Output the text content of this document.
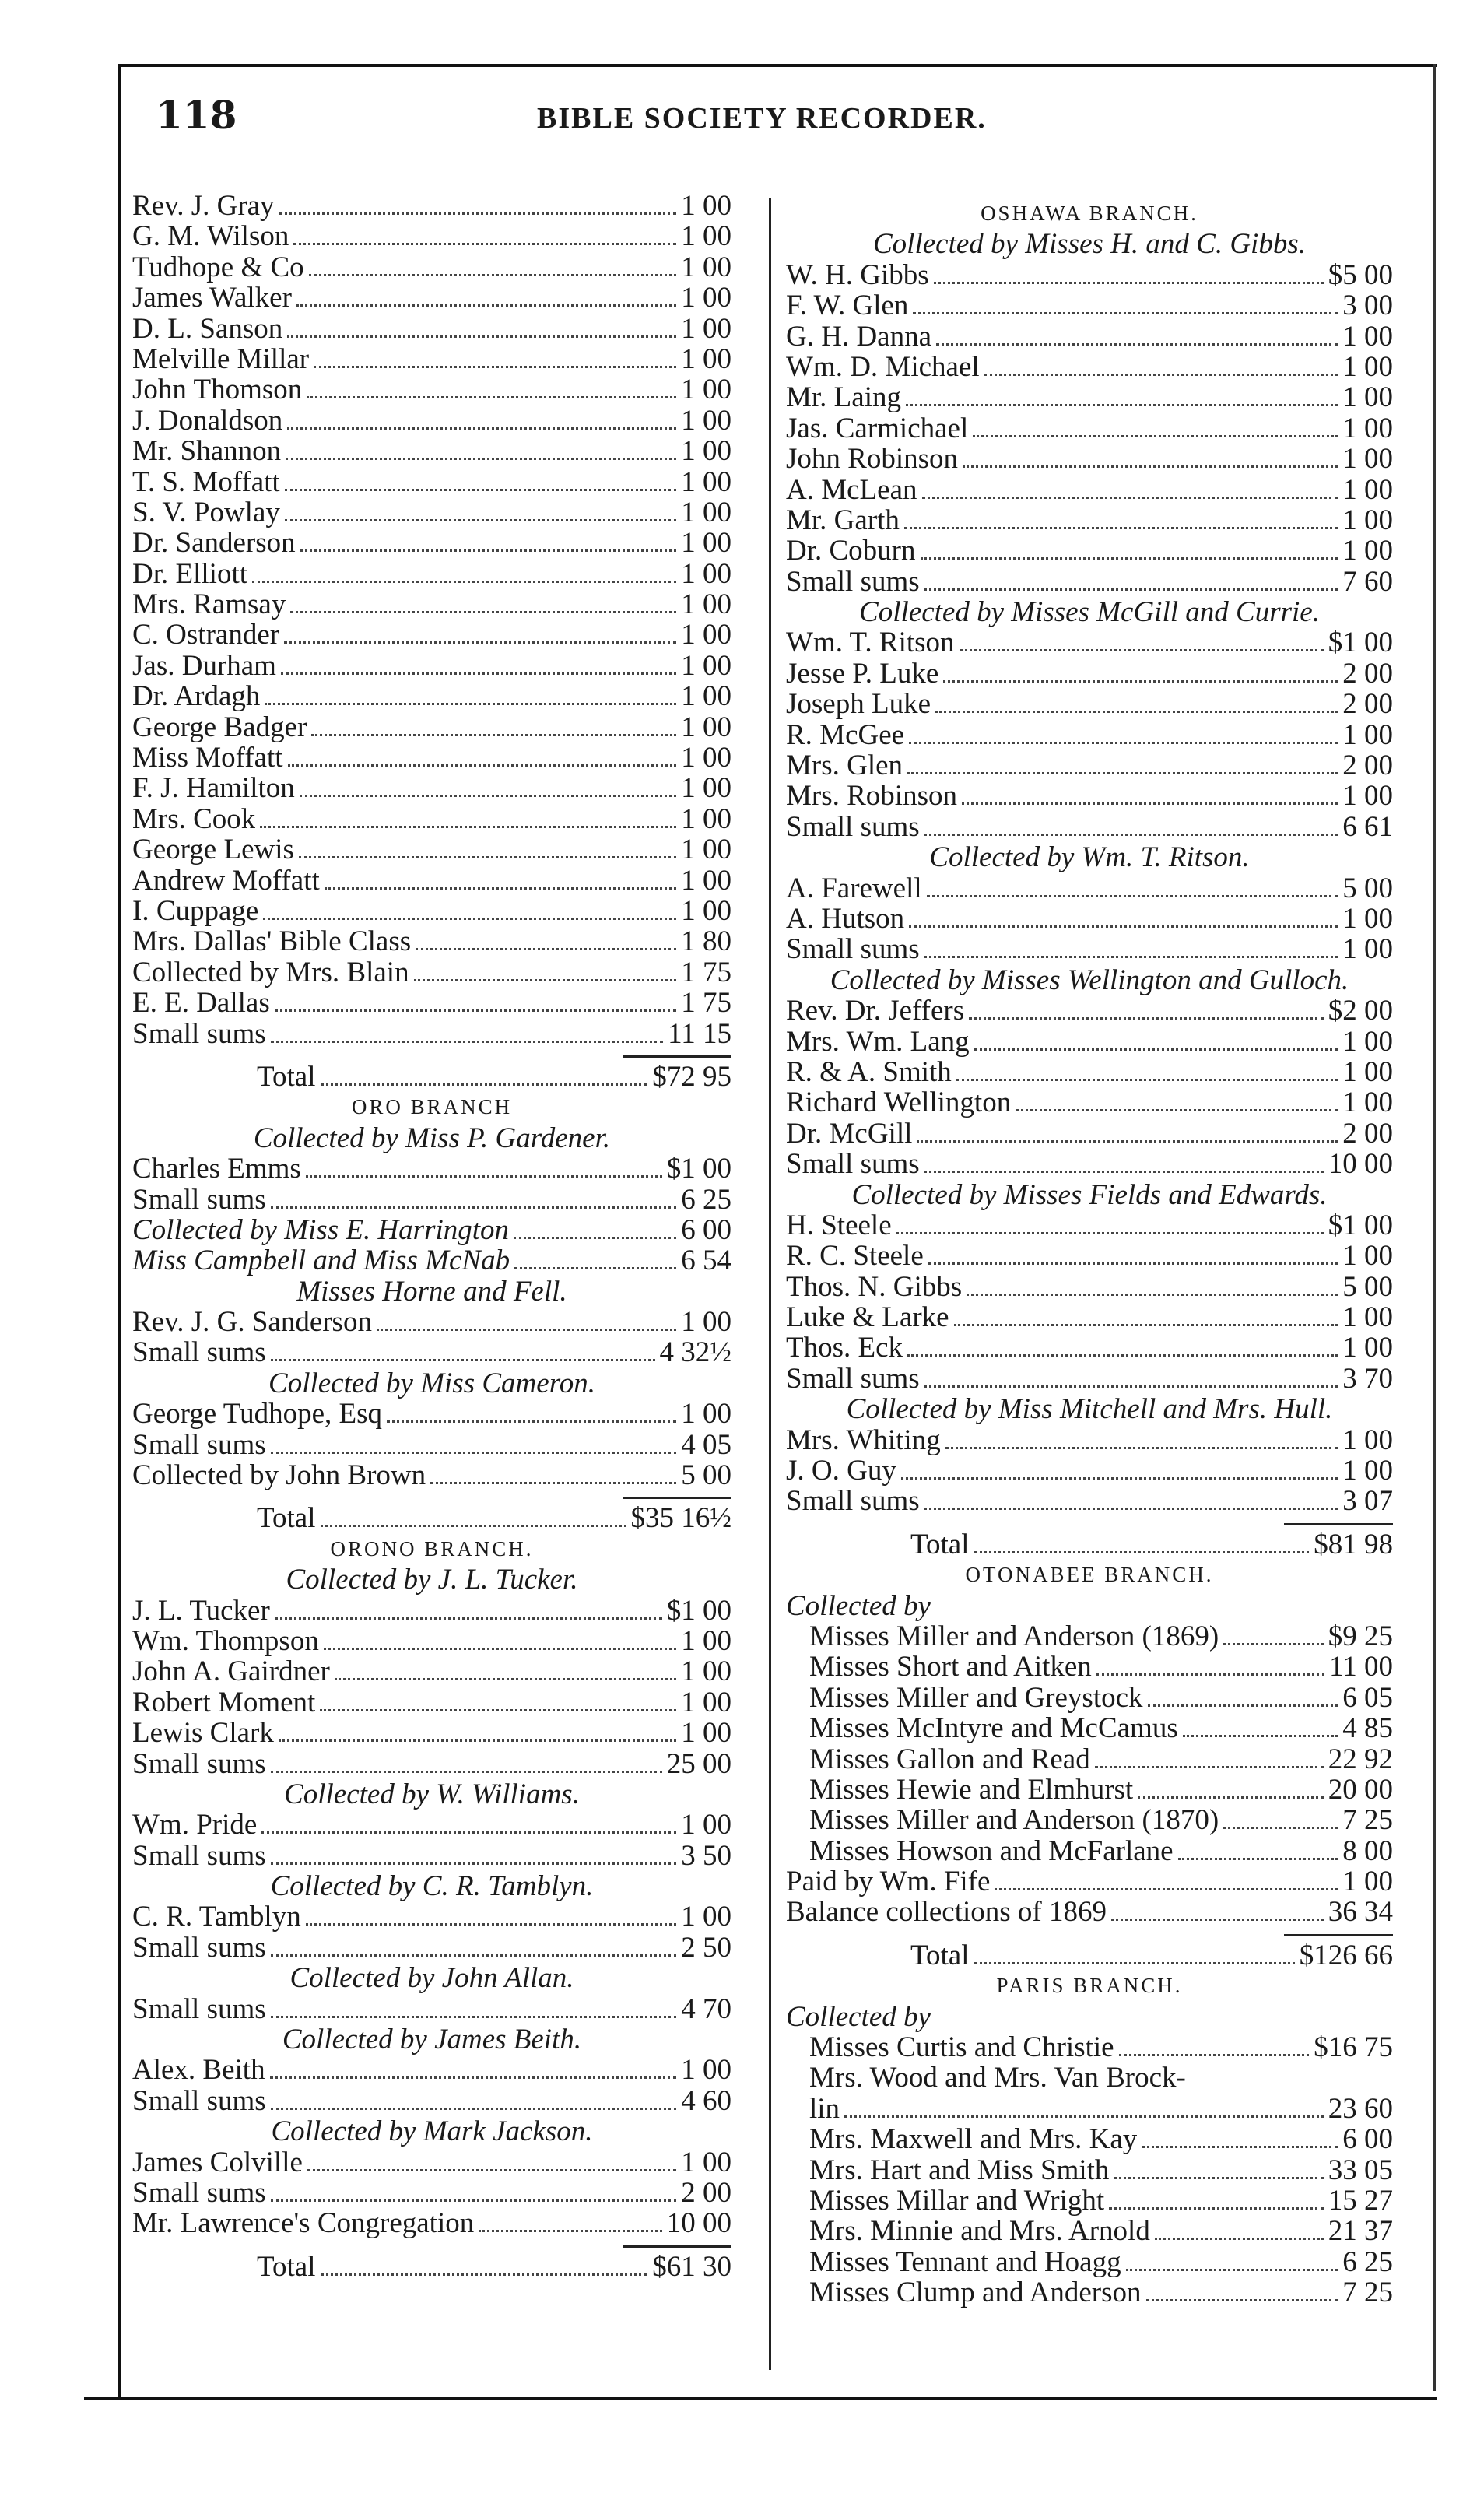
118	BIBLE SOCIETY RECORDER.
Rev. J. Gray	1 00
G. M. Wilson	1 00
Tudhope & Co	1 00
James Walker	1 00
D. L. Sanson	1 00
Melville Millar	1 00
John Thomson	1 00
J. Donaldson	1 00
Mr. Shannon	1 00
T. S. Moffatt	1 00
S. V. Powlay	1 00
Dr. Sanderson	1 00
Dr. Elliott	1 00
Mrs. Ramsay	1 00
C. Ostrander	1 00
Jas. Durham	1 00
Dr. Ardagh	1 00
George Badger	1 00
Miss Moffatt	1 00
F. J. Hamilton	1 00
Mrs. Cook	1 00
George Lewis	1 00
Andrew Moffatt	1 00
I. Cuppage	1 00
Mrs. Dallas' Bible Class	1 80
Collected by Mrs. Blain	1 75
E. E. Dallas	1 75
Small sums	11 15
Total	$72 95
ORO BRANCH
Collected by Miss P. Gardener.
Charles Emms	$1 00
Small sums	6 25
Collected by Miss E. Harrington	6 00
Miss Campbell and Miss McNab	6 54
Misses Horne and Fell.
Rev. J. G. Sanderson	1 00
Small sums	4 32½
Collected by Miss Cameron.
George Tudhope, Esq	1 00
Small sums	4 05
Collected by John Brown	5 00
Total	$35 16½
ORONO BRANCH.
Collected by J. L. Tucker.
J. L. Tucker	$1 00
Wm. Thompson	1 00
John A. Gairdner	1 00
Robert Moment	1 00
Lewis Clark	1 00
Small sums	25 00
Collected by W. Williams.
Wm. Pride	1 00
Small sums	3 50
Collected by C. R. Tamblyn.
C. R. Tamblyn	1 00
Small sums	2 50
Collected by John Allan.
Small sums	4 70
Collected by James Beith.
Alex. Beith	1 00
Small sums	4 60
Collected by Mark Jackson.
James Colville	1 00
Small sums	2 00
Mr. Lawrence's Congregation	10 00
Total	$61 30
OSHAWA BRANCH.
Collected by Misses H. and C. Gibbs.
W. H. Gibbs	$5 00
F. W. Glen	3 00
G. H. Danna	1 00
Wm. D. Michael	1 00
Mr. Laing	1 00
Jas. Carmichael	1 00
John Robinson	1 00
A. McLean	1 00
Mr. Garth	1 00
Dr. Coburn	1 00
Small sums	7 60
Collected by Misses McGill and Currie.
Wm. T. Ritson	$1 00
Jesse P. Luke	2 00
Joseph Luke	2 00
R. McGee	1 00
Mrs. Glen	2 00
Mrs. Robinson	1 00
Small sums	6 61
Collected by Wm. T. Ritson.
A. Farewell	5 00
A. Hutson	1 00
Small sums	1 00
Collected by Misses Wellington and Gulloch.
Rev. Dr. Jeffers	$2 00
Mrs. Wm. Lang	1 00
R. & A. Smith	1 00
Richard Wellington	1 00
Dr. McGill	2 00
Small sums	10 00
Collected by Misses Fields and Edwards.
H. Steele	$1 00
R. C. Steele	1 00
Thos. N. Gibbs	5 00
Luke & Larke	1 00
Thos. Eck	1 00
Small sums	3 70
Collected by Miss Mitchell and Mrs. Hull.
Mrs. Whiting	1 00
J. O. Guy	1 00
Small sums	3 07
Total	$81 98
OTONABEE BRANCH.
Collected by
Misses Miller and Anderson (1869)	$9 25
Misses Short and Aitken	11 00
Misses Miller and Greystock	6 05
Misses McIntyre and McCamus	4 85
Misses Gallon and Read	22 92
Misses Hewie and Elmhurst	20 00
Misses Miller and Anderson (1870)	7 25
Misses Howson and McFarlane	8 00
Paid by Wm. Fife	1 00
Balance collections of 1869	36 34
Total	$126 66
PARIS BRANCH.
Collected by
Misses Curtis and Christie	$16 75
Mrs. Wood and Mrs. Van Brock-
lin	23 60
Mrs. Maxwell and Mrs. Kay	6 00
Mrs. Hart and Miss Smith	33 05
Misses Millar and Wright	15 27
Mrs. Minnie and Mrs. Arnold	21 37
Misses Tennant and Hoagg	6 25
Misses Clump and Anderson	7 25
